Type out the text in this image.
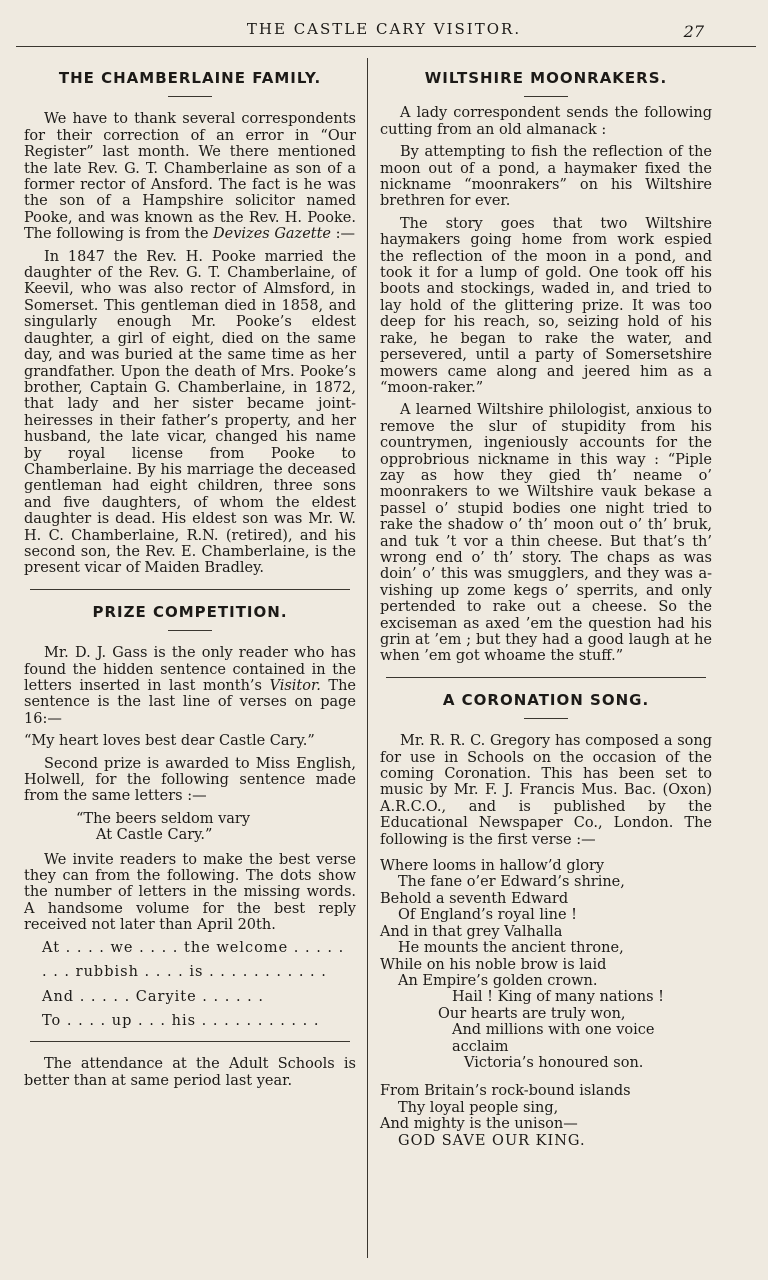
THE CASTLE CARY VISITOR.	27
THE CHAMBERLAINE FAMILY.

We have to thank several correspondents for their correction of an error in “Our Register” last month. We there mentioned the late Rev. G. T. Chamberlaine as son of a former rector of Ansford. The fact is he was the son of a Hampshire solicitor named Pooke, and was known as the Rev. H. Pooke. The following is from the Devizes Gazette :—

In 1847 the Rev. H. Pooke married the daughter of the Rev. G. T. Chamberlaine, of Keevil, who was also rector of Almsford, in Somerset. This gentleman died in 1858, and singularly enough Mr. Pooke’s eldest daughter, a girl of eight, died on the same day, and was buried at the same time as her grandfather. Upon the death of Mrs. Pooke’s brother, Captain G. Chamberlaine, in 1872, that lady and her sister became joint-heiresses in their father’s property, and her husband, the late vicar, changed his name by royal license from Pooke to Chamberlaine. By his marriage the deceased gentleman had eight children, three sons and five daughters, of whom the eldest daughter is dead. His eldest son was Mr. W. H. C. Chamberlaine, R.N. (retired), and his second son, the Rev. E. Chamberlaine, is the present vicar of Maiden Bradley.

PRIZE COMPETITION.

Mr. D. J. Gass is the only reader who has found the hidden sentence contained in the letters inserted in last month’s Visitor. The sentence is the last line of verses on page 16:—

“My heart loves best dear Castle Cary.”

Second prize is awarded to Miss English, Holwell, for the following sentence made from the same letters :—

“The beers seldom vary
At Castle Cary.”

We invite readers to make the best verse they can from the following. The dots show the number of letters in the missing words. A handsome volume for the best reply received not later than April 20th.

At . . . . we . . . . the welcome . . . . .
. . . rubbish . . . . is . . . . . . . . . . .
And . . . . . Caryite . . . . . .
To . . . . up . . . his . . . . . . . . . . .

The attendance at the Adult Schools is better than at same period last year.

WILTSHIRE MOONRAKERS.

A lady correspondent sends the following cutting from an old almanack :

By attempting to fish the reflection of the moon out of a pond, a haymaker fixed the nickname “moonrakers” on his Wiltshire brethren for ever.

The story goes that two Wiltshire haymakers going home from work espied the reflection of the moon in a pond, and took it for a lump of gold. One took off his boots and stockings, waded in, and tried to lay hold of the glittering prize. It was too deep for his reach, so, seizing hold of his rake, he began to rake the water, and persevered, until a party of Somersetshire mowers came along and jeered him as a “moon-raker.”

A learned Wiltshire philologist, anxious to remove the slur of stupidity from his countrymen, ingeniously accounts for the opprobrious nickname in this way : “Piple zay as how they gied th’ neame o’ moonrakers to we Wiltshire vauk bekase a passel o’ stupid bodies one night tried to rake the shadow o’ th’ moon out o’ th’ bruk, and tuk ’t vor a thin cheese. But that’s th’ wrong end o’ th’ story. The chaps as was doin’ o’ this was smugglers, and they was a-vishing up zome kegs o’ sperrits, and only pertended to rake out a cheese. So the exciseman as axed ’em the question had his grin at ’em ; but they had a good laugh at he when ’em got whoame the stuff.”

A CORONATION SONG.

Mr. R. R. C. Gregory has composed a song for use in Schools on the occasion of the coming Coronation. This has been set to music by Mr. F. J. Francis Mus. Bac. (Oxon) A.R.C.O., and is published by the Educational Newspaper Co., London. The following is the first verse :—

Where looms in hallow’d glory
The fane o’er Edward’s shrine,
Behold a seventh Edward
Of England’s royal line !
And in that grey Valhalla
He mounts the ancient throne,
While on his noble brow is laid
An Empire’s golden crown.
Hail ! King of many nations !
Our hearts are truly won,
And millions with one voice acclaim
Victoria’s honoured son.
From Britain’s rock-bound islands
Thy loyal people sing,
And mighty is the unison—
GOD SAVE OUR KING.
